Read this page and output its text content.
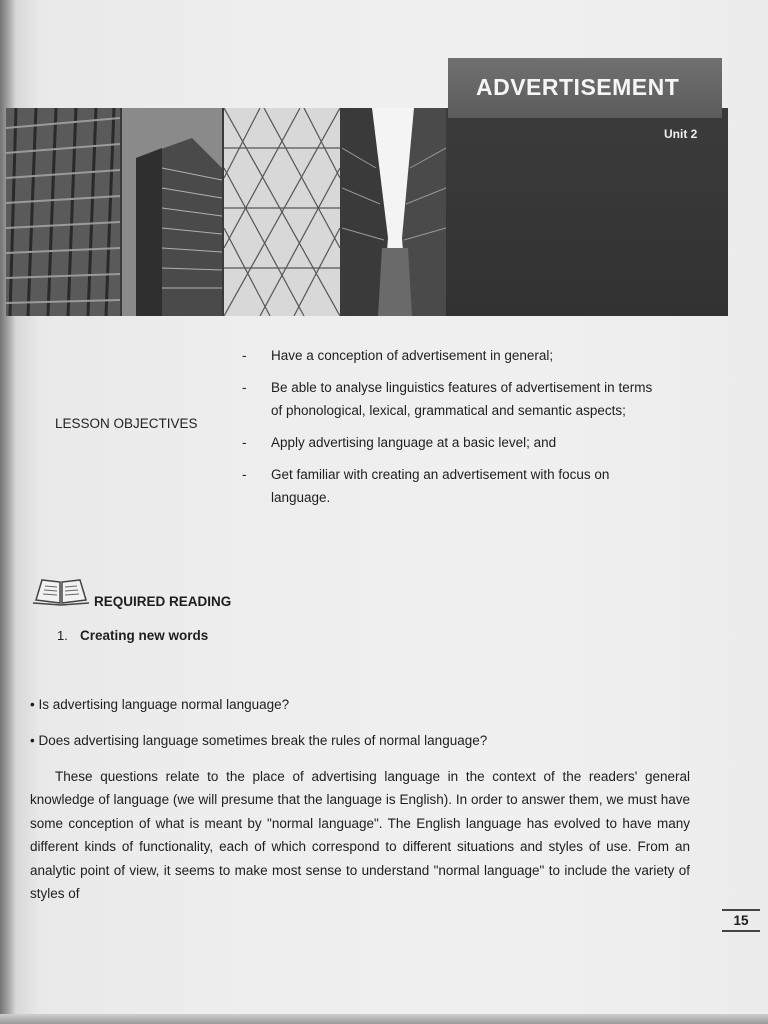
ADVERTISEMENT
Unit 2
LESSON OBJECTIVES
- Have a conception of advertisement in general;
- Be able to analyse linguistics features of advertisement in terms of phonological, lexical, grammatical and semantic aspects;
- Apply advertising language at a basic level; and
- Get familiar with creating an advertisement with focus on language.
REQUIRED READING
1. Creating new words
• Is advertising language normal language?
• Does advertising language sometimes break the rules of normal language?
These questions relate to the place of advertising language in the context of the readers' general knowledge of language (we will presume that the language is English). In order to answer them, we must have some conception of what is meant by "normal language". The English language has evolved to have many different kinds of functionality, each of which correspond to different situations and styles of use. From an analytic point of view, it seems to make most sense to understand "normal language" to include the variety of styles of
15
